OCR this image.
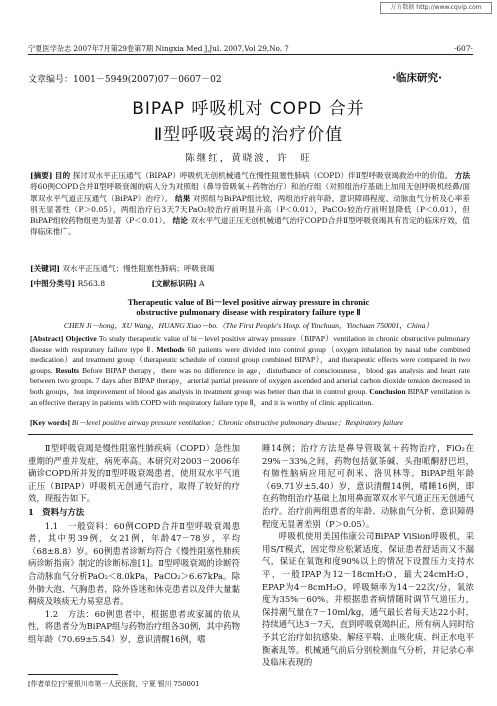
万方数据 http://www.cqvip.com
宁夏医学杂志 2007年7月第29卷第7期 Ningxia Med J,Jul. 2007,Vol 29,No. 7	·607·
文章编号：1001－5949(2007)07－0607－02	·临床研究·
BIPAP 呼吸机对 COPD 合并
Ⅱ型呼吸衰竭的治疗价值
陈继红，黄晓波，许　旺
[摘要] 目的 探讨双水平正压通气（BIPAP）呼吸机无创机械通气在慢性阻塞性肺病（COPD）伴Ⅱ型呼吸衰竭救治中的价值。 方法 将60例COPD合并Ⅱ型呼吸衰竭的病人分为对照组（鼻导管吸氧＋药物治疗）和治疗组（对照组治疗基础上加用无创呼吸机经鼻/面罩双水平气道正压通气（BiPAP）治疗）。 结果 对照组与BiPAP组比较，两组治疗前年龄、意识障碍程度、动脉血气分析及心率差别无显著性（P＞0.05），两组治疗后3天7天PaO₂较治疗前明显升高（P＜0.01），PaCO₂较治疗前明显降低（P＜0.01），但BiPAP组较药物组更为显著（P＜0.01）。 结论 双水平气道正压无创机械通气治疗COPD合并Ⅱ型呼吸衰竭具有肯定的临床疗效，值得临床推广。
[关键词] 双水平正压通气；慢性阻塞性肺病；呼吸衰竭
[中图分类号] R563.8	[文献标识码] A
Therapeutic value of Bi－level positive airway pressure in chronic
obstructive pulmonary disease with respiratory failure type Ⅱ
CHEN Ji－hong，XU Wang，HUANG Xiao－bo.（The First People's Hosp. of Yinchuan，Yinchuan 750001，China）
[Abstract] Objective To study therapeutic value of bi－level positive airway pressure（BIPAP）ventilation in chronic obstructive pulmonary disease with respiratory failure type Ⅱ. Methods 60 patients were divided into control group（oxygen inhalation by nasal tube combined medication）and treatment group（therapeutic schedule of control group combined BIPAP），and therapeutic effects were compared in two groups. Results Before BIPAP therapy，there was no difference in age，disturbance of consciousness，blood gas analysis and heart rate between two groups. 7 days after BIPAP therapy，arterial partial pressure of oxygen ascended and arterial carbon dioxide tension decreased in both groups，but improvement of blood gas analysis in treatment group was better than that in control group. Conclusion BIPAP ventilation is an effective therapy in patients with COPD with respiratory failure type Ⅱ，and it is worthy of clinic application.
[Key words] Bi－level positive airway pressure ventilation；Chronic obstructive pulmonary disease；Respiratory failure

Ⅱ型呼吸衰竭是慢性阻塞性肺疾病（COPD）急性加重期的严重并发症，病死率高。本研究对2003－2006年确诊COPD所并发的Ⅱ型呼吸衰竭患者，使用双水平气道正压（BIPAP）呼吸机无创通气治疗，取得了较好的疗效，现报告如下。

1　资料与方法

1.1　一般资料：60例COPD合并Ⅱ型呼吸衰竭患者，其中男39例，女21例，年龄47－78岁，平均（68±8.8）岁。60例患者诊断均符合《慢性阻塞性肺疾病诊断指南》制定的诊断标准[1]。Ⅱ型呼吸衰竭的诊断符合动脉血气分析PaO₂＜8.0kPa，PaCO₂＞6.67kPa。除外肺大泡、气胸患者，除外昏迷和休克患者以及伴大量黏稠痰及咳痰无力易窒息者。

1.2　方法：60例患者中，根据患者或家属的依从性，将患者分为BiPAP组与药物治疗组各30例，其中药物组年龄（70.69±5.54）岁，意识清醒16例，嗜

睡14例；治疗方法是鼻导管吸氧＋药物治疗，FiO₂在29%－33%之间，药物包括氨茶碱、头孢哌酮舒巴坦，有肺性脑病应用尼可刹米、洛贝林等。BiPAP组年龄（69.71岁±5.40）岁，意识清醒14例，嗜睡16例，即在药物组治疗基础上加用鼻面罩双水平气道正压无创通气治疗。治疗前两组患者的年龄、动脉血气分析、意识障碍程度无显著差别（P＞0.05）。

呼吸机使用美国伟康公司BiPAP ViSion呼吸机，采用S/T模式，固定带应松紧适度，保证患者舒适而又不漏气，保证在氧饱和度90%以上的情况下设置压力支持水平，一般IPAP为12－18cmH₂O，最大24cmH₂O，EPAP为4－8cmH₂O，呼吸频率为14－22次/分，氧浓度为35%－60%。并根据患者病情随时调节气道压力，保持潮气量在7－10ml/kg，通气最长者每天达22小时，持续通气达3－7天，直到呼吸衰竭纠正，所有病人同时给予其它治疗如抗感染、解痉平喘、止咳化痰、纠正水电平衡紊乱等。机械通气前后分别检测血气分析，并记录心率及临床表现的

[作者单位]宁夏银川市第一人民医院，宁夏 银川 750001
